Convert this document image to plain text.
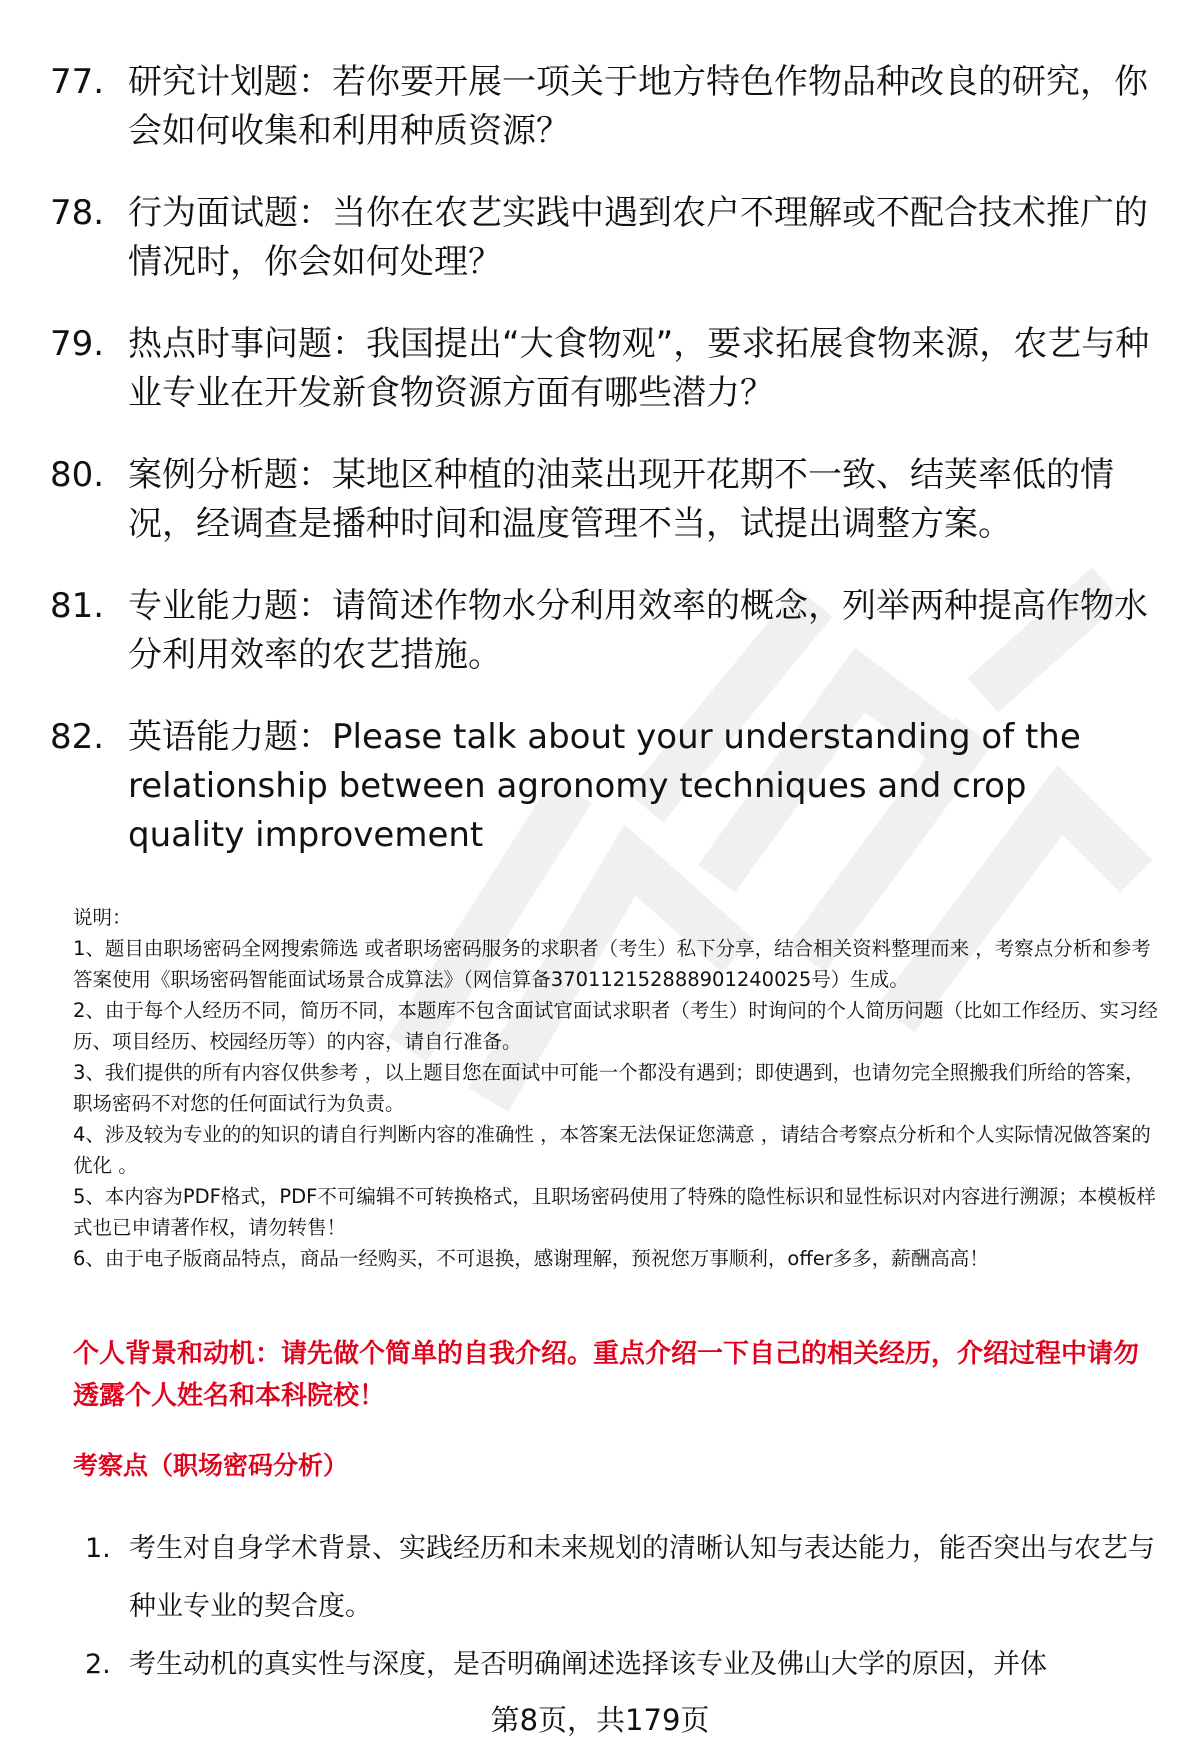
77. 研究计划题：若你要开展一项关于地方特色作物品种改良的研究，你会如何收集和利用种质资源？
78. 行为面试题：当你在农艺实践中遇到农户不理解或不配合技术推广的情况时，你会如何处理？
79. 热点时事问题：我国提出“大食物观”，要求拓展食物来源，农艺与种业专业在开发新食物资源方面有哪些潜力？
80. 案例分析题：某地区种植的油菜出现开花期不一致、结荚率低的情况，经调查是播种时间和温度管理不当，试提出调整方案。
81. 专业能力题：请简述作物水分利用效率的概念，列举两种提高作物水分利用效率的农艺措施。
82. 英语能力题：Please talk about your understanding of the relationship between agronomy techniques and crop quality improvement

说明：

1、题目由职场密码全网搜索筛选 或者职场密码服务的求职者（考生）私下分享，结合相关资料整理而来 ，考察点分析和参考答案使用《职场密码智能面试场景合成算法》（网信算备370112152888901240025号）生成。

2、由于每个人经历不同，简历不同，本题库不包含面试官面试求职者（考生）时询问的个人简历问题（比如工作经历、实习经历、项目经历、校园经历等）的内容，请自行准备。

3、我们提供的所有内容仅供参考 ，以上题目您在面试中可能一个都没有遇到；即使遇到，也请勿完全照搬我们所给的答案，职场密码不对您的任何面试行为负责。

4、涉及较为专业的的知识的请自行判断内容的准确性 ，本答案无法保证您满意 ，请结合考察点分析和个人实际情况做答案的优化 。

5、本内容为PDF格式，PDF不可编辑不可转换格式，且职场密码使用了特殊的隐性标识和显性标识对内容进行溯源；本模板样式也已申请著作权，请勿转售！

6、由于电子版商品特点，商品一经购买，不可退换，感谢理解，预祝您万事顺利，offer多多，薪酬高高！

个人背景和动机：请先做个简单的自我介绍。重点介绍一下自己的相关经历，介绍过程中请勿透露个人姓名和本科院校！
考察点（职场密码分析）
1. 考生对自身学术背景、实践经历和未来规划的清晰认知与表达能力，能否突出与农艺与种业专业的契合度。
2. 考生动机的真实性与深度，是否明确阐述选择该专业及佛山大学的原因，并体
第8页，共179页
